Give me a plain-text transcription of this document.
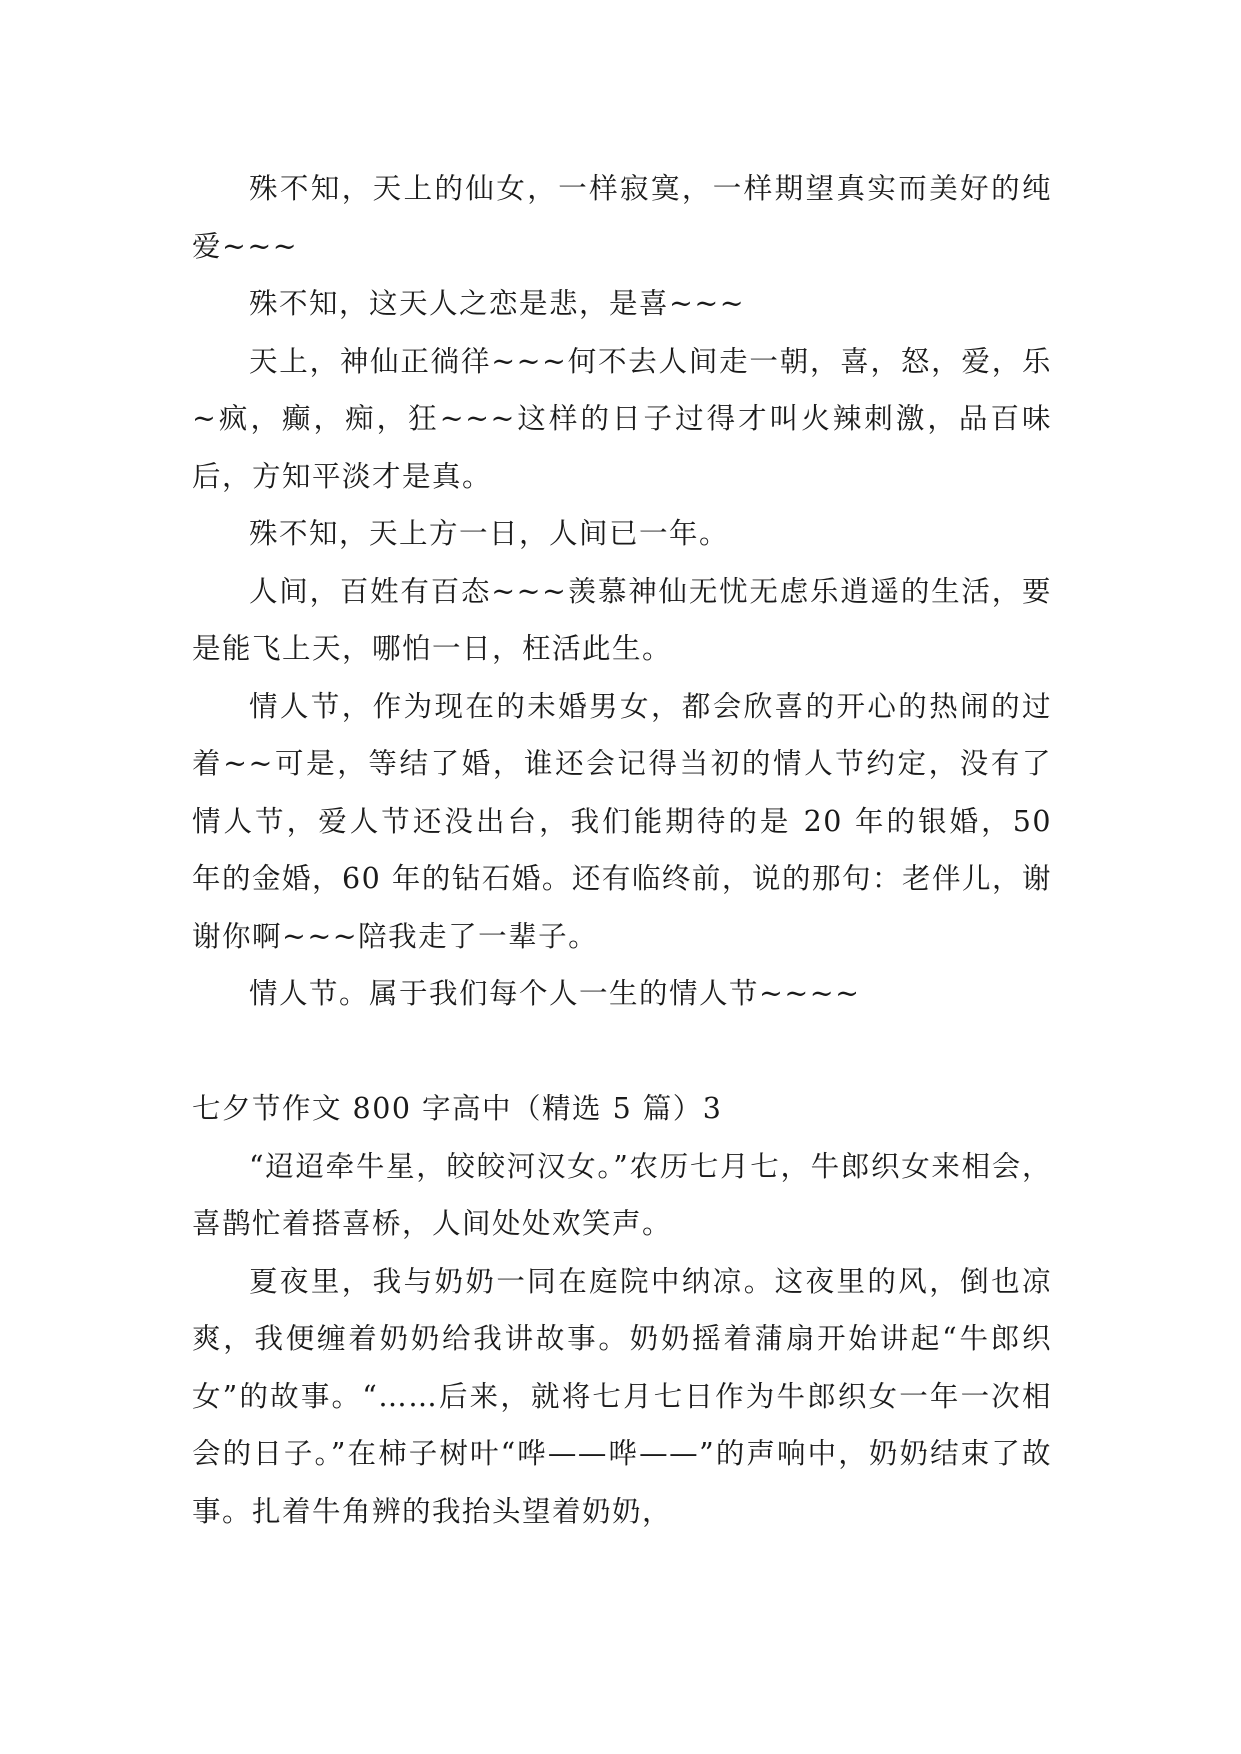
殊不知，天上的仙女，一样寂寞，一样期望真实而美好的纯爱~~~

殊不知，这天人之恋是悲，是喜~~~

天上，神仙正徜徉~~~何不去人间走一朝，喜，怒，爱，乐~疯，癫，痴，狂~~~这样的日子过得才叫火辣刺激，品百味后，方知平淡才是真。

殊不知，天上方一日，人间已一年。

人间，百姓有百态~~~羡慕神仙无忧无虑乐逍遥的生活，要是能飞上天，哪怕一日，枉活此生。

情人节，作为现在的未婚男女，都会欣喜的开心的热闹的过着~~可是，等结了婚，谁还会记得当初的情人节约定，没有了情人节，爱人节还没出台，我们能期待的是 20 年的银婚，50 年的金婚，60 年的钻石婚。还有临终前，说的那句：老伴儿，谢谢你啊~~~陪我走了一辈子。

情人节。属于我们每个人一生的情人节~~~~

七夕节作文 800 字高中（精选 5 篇）3

“迢迢牵牛星，皎皎河汉女。”农历七月七，牛郎织女来相会，喜鹊忙着搭喜桥，人间处处欢笑声。

夏夜里，我与奶奶一同在庭院中纳凉。这夜里的风，倒也凉爽，我便缠着奶奶给我讲故事。奶奶摇着蒲扇开始讲起“牛郎织女”的故事。“……后来，就将七月七日作为牛郎织女一年一次相会的日子。”在柿子树叶“哗——哗——”的声响中，奶奶结束了故事。扎着牛角辨的我抬头望着奶奶，
